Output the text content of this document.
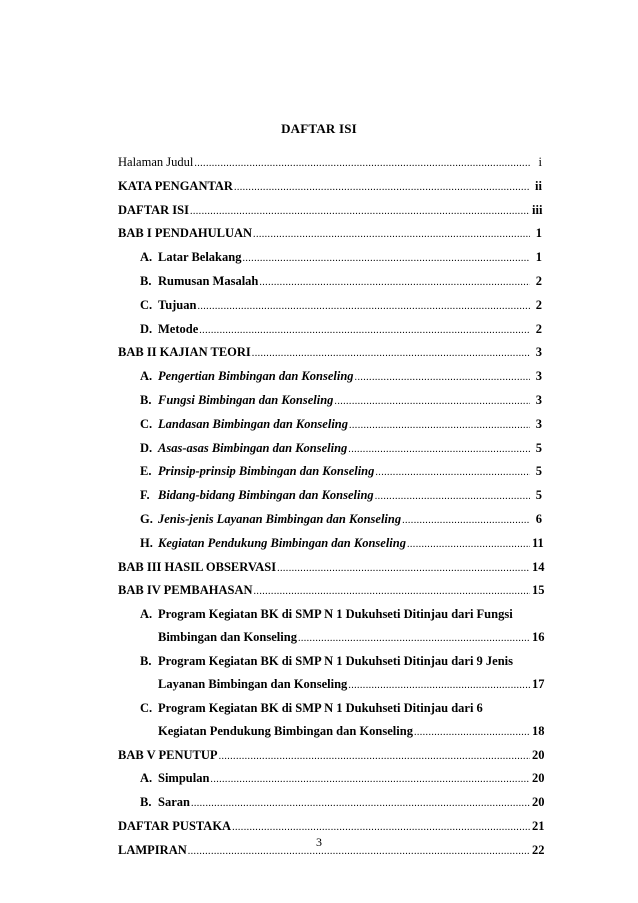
DAFTAR ISI
Halaman Judul .....	i
KATA PENGANTAR .....	ii
DAFTAR ISI .....	iii
BAB I PENDAHULUAN .....	1
A. Latar Belakang .....	1
B. Rumusan Masalah .....	2
C. Tujuan .....	2
D. Metode .....	2
BAB II KAJIAN TEORI .....	3
A. Pengertian Bimbingan dan Konseling .....	3
B. Fungsi Bimbingan dan Konseling .....	3
C. Landasan Bimbingan dan Konseling .....	3
D. Asas-asas Bimbingan dan Konseling .....	5
E. Prinsip-prinsip Bimbingan dan Konseling .....	5
F. Bidang-bidang Bimbingan dan Konseling .....	5
G. Jenis-jenis Layanan Bimbingan dan Konseling .....	6
H. Kegiatan Pendukung Bimbingan dan Konseling .....	11
BAB III HASIL OBSERVASI .....	14
BAB IV PEMBAHASAN .....	15
A. Program Kegiatan BK di SMP N 1 Dukuhseti Ditinjau dari Fungsi
Bimbingan dan Konseling .....	16
B. Program Kegiatan BK di SMP N 1 Dukuhseti Ditinjau dari 9 Jenis
Layanan Bimbingan dan Konseling .....	17
C. Program Kegiatan BK di SMP N 1 Dukuhseti Ditinjau dari 6
Kegiatan Pendukung Bimbingan dan Konseling .....	18
BAB V PENUTUP .....	20
A. Simpulan .....	20
B. Saran .....	20
DAFTAR PUSTAKA .....	21
LAMPIRAN .....	22
3
